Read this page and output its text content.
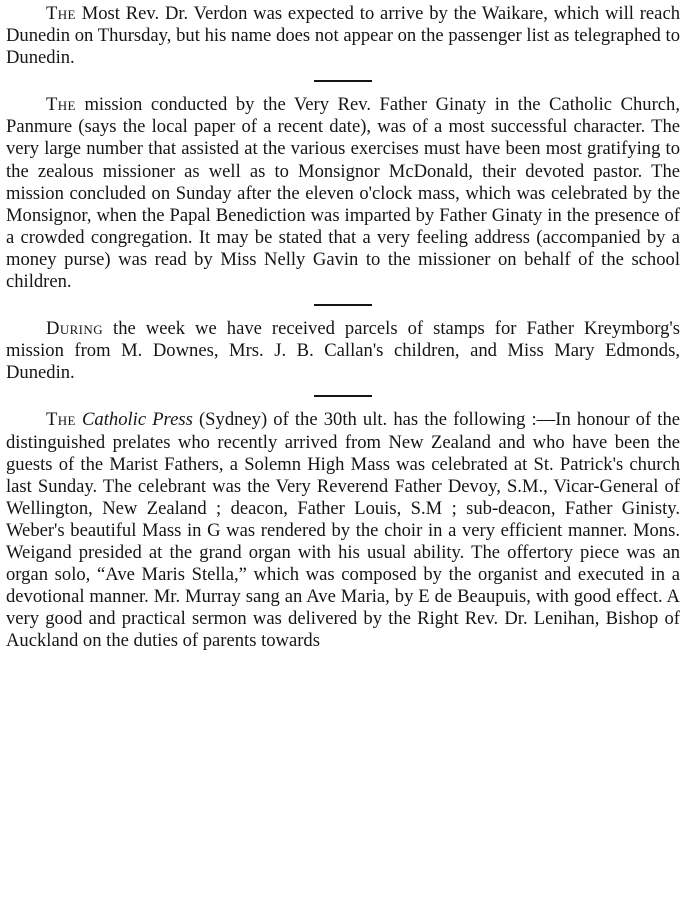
The Most Rev. Dr. Verdon was expected to arrive by the Waikare, which will reach Dunedin on Thursday, but his name does not appear on the passenger list as telegraphed to Dunedin.

The mission conducted by the Very Rev. Father Ginaty in the Catholic Church, Panmure (says the local paper of a recent date), was of a most successful character. The very large number that assisted at the various exercises must have been most gratifying to the zealous missioner as well as to Monsignor McDonald, their devoted pastor. The mission concluded on Sunday after the eleven o'clock mass, which was celebrated by the Monsignor, when the Papal Benediction was imparted by Father Ginaty in the presence of a crowded congregation. It may be stated that a very feeling address (accompanied by a money purse) was read by Miss Nelly Gavin to the missioner on behalf of the school children.

During the week we have received parcels of stamps for Father Kreymborg's mission from M. Downes, Mrs. J. B. Callan's children, and Miss Mary Edmonds, Dunedin.

The Catholic Press (Sydney) of the 30th ult. has the following :—In honour of the distinguished prelates who recently arrived from New Zealand and who have been the guests of the Marist Fathers, a Solemn High Mass was celebrated at St. Patrick's church last Sunday. The celebrant was the Very Reverend Father Devoy, S.M., Vicar-General of Wellington, New Zealand ; deacon, Father Louis, S.M ; sub-deacon, Father Ginisty. Weber's beautiful Mass in G was rendered by the choir in a very efficient manner. Mons. Weigand presided at the grand organ with his usual ability. The offertory piece was an organ solo, “Ave Maris Stella,” which was composed by the organist and executed in a devotional manner. Mr. Murray sang an Ave Maria, by E de Beaupuis, with good effect. A very good and practical sermon was delivered by the Right Rev. Dr. Lenihan, Bishop of Auckland on the duties of parents towards
